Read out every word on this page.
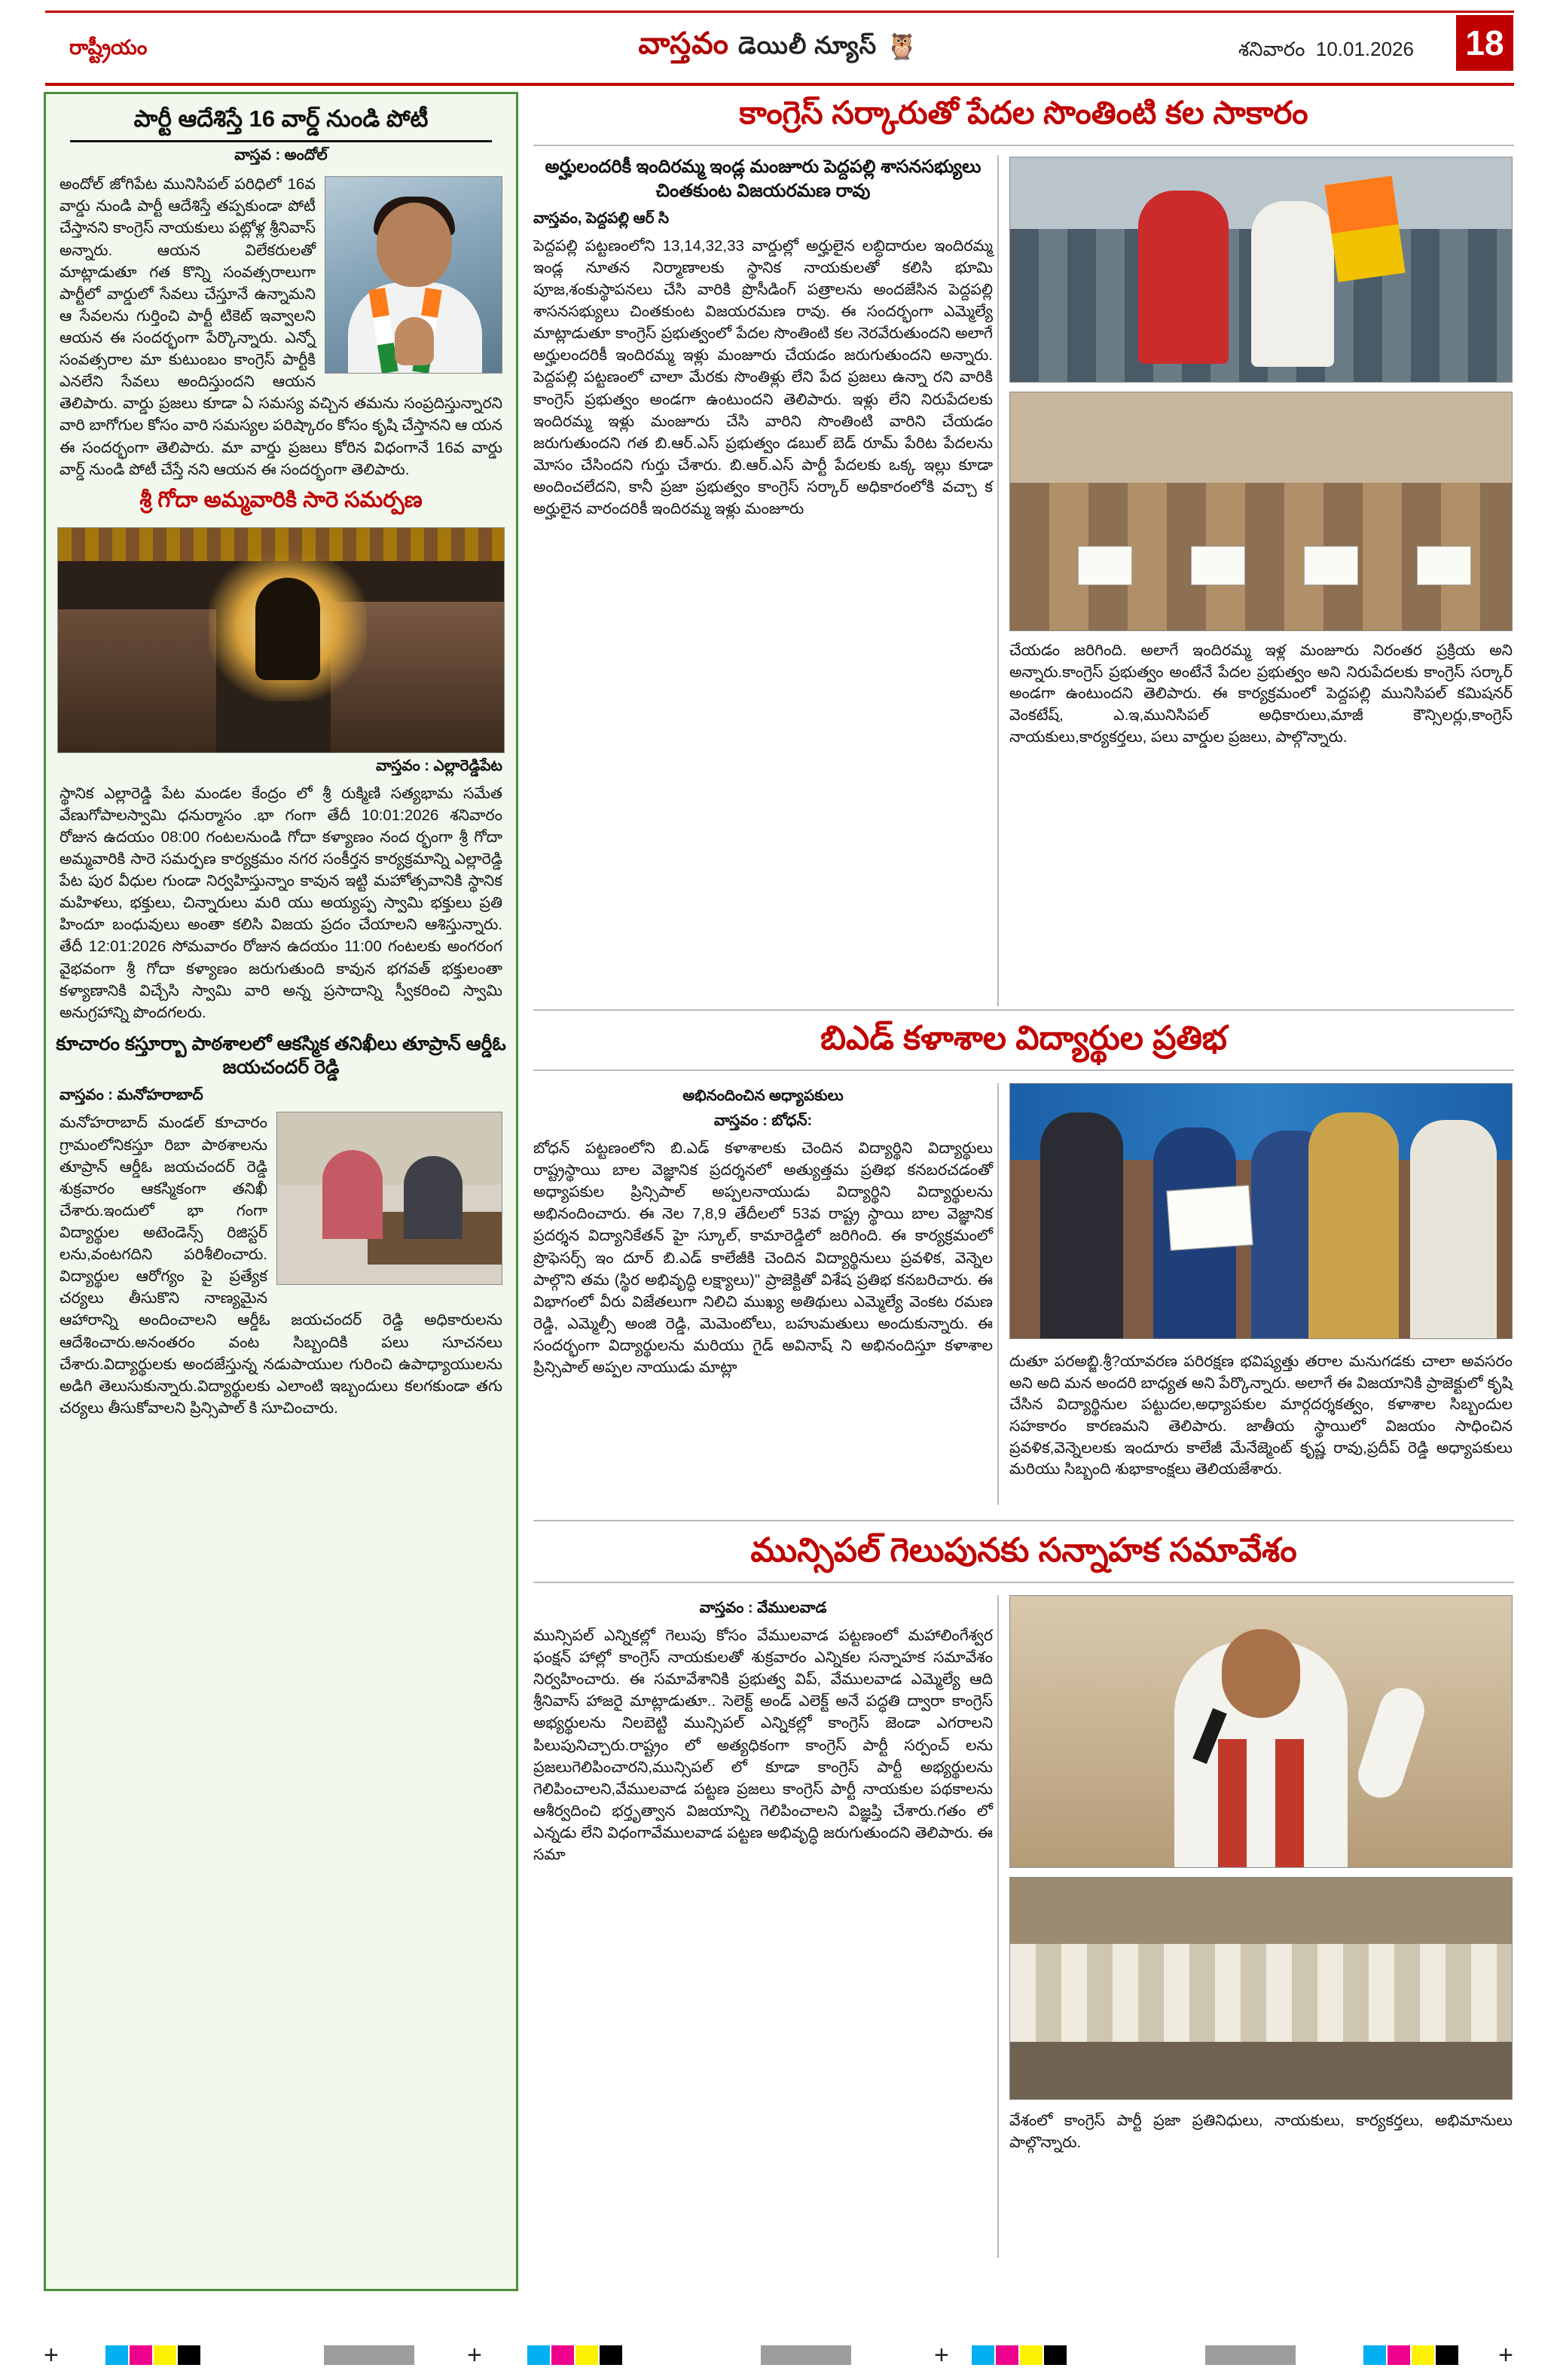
రాష్ట్రీయం	వాస్తవం డెయిలీ న్యూస్ 🦉	శనివారం 10.01.2026 18
పార్టీ ఆదేశిస్తే 16 వార్డ్ నుండి పోటీ
వాస్తవ : అందోల్
అందోల్ జోగిపేట మునిసిపల్ పరిధిలో 16వ వార్డు నుండి పార్టీ ఆదేశిస్తే తప్పకుండా పోటీ చేస్తానని కాంగ్రెస్ నాయకులు పట్లోళ్ల శ్రీనివాస్ అన్నారు. ఆయన విలేకరులతో మాట్లాడుతూ గత కొన్ని సంవత్సరాలుగా పార్టీలో వార్డులో సేవలు చేస్తూనే ఉన్నామని ఆ సేవలను గుర్తించి పార్టీ టికెట్ ఇవ్వాలని ఆయన ఈ సందర్భంగా పేర్కొన్నారు. ఎన్నో సంవత్సరాల మా కుటుంబం కాంగ్రెస్ పార్టీకి ఎనలేని సేవలు అందిస్తుందని ఆయన తెలిపారు. వార్డు ప్రజలు కూడా ఏ సమస్య వచ్చిన తమను సంప్రదిస్తున్నారని వారి బాగోగుల కోసం వారి సమస్యల పరిష్కారం కోసం కృషి చేస్తానని ఆ యన ఈ సందర్భంగా తెలిపారు. మా వార్డు ప్రజలు కోరిన విధంగానే 16వ వార్డు వార్డ్ నుండి పోటీ చేస్తే నని ఆయన ఈ సందర్భంగా తెలిపారు.
శ్రీ గోదా అమ్మవారికి సారె సమర్పణ
వాస్తవం : ఎల్లారెడ్డిపేట
స్థానిక ఎల్లారెడ్డి పేట మండల కేంద్రం లో శ్రీ రుక్మిణి సత్యభామ సమేత వేణుగోపాలస్వామి ధనుర్మాసం .భా గంగా తేదీ 10:01:2026 శనివారం రోజున ఉదయం 08:00 గంటలనుండి గోదా కళ్యాణం నంద ర్భంగా శ్రీ గోదా అమ్మవారికి సారె సమర్పణ కార్యక్రమం నగర సంకీర్తన కార్యక్రమాన్ని ఎల్లారెడ్డి పేట పుర వీధుల గుండా నిర్వహిస్తున్నాం కావున ఇట్టి మహోత్సవానికి స్థానిక మహిళలు, భక్తులు, చిన్నారులు మరి యు అయ్యప్ప స్వామి భక్తులు ప్రతి హిందూ బంధువులు అంతా కలిసి విజయ ప్రదం చేయాలని ఆశిస్తున్నారు. తేదీ 12:01:2026 సోమవారం రోజున ఉదయం 11:00 గంటలకు అంగరంగ వైభవంగా శ్రీ గోదా కళ్యాణం జరుగుతుంది కావున భగవత్ భక్తులంతా కళ్యాణానికి విచ్చేసి స్వామి వారి అన్న ప్రసాదాన్ని స్వీకరించి స్వామి అనుగ్రహాన్ని పొందగలరు.
కూచారం కస్తూర్బా పాఠశాలలో ఆకస్మిక తనిఖీలు తూప్రాన్ ఆర్డీఓ జయచందర్ రెడ్డి
వాస్తవం : మనోహరాబాద్
మనోహరాబాద్ మండల్ కూచారం గ్రామంలోనికస్తూ రిబా పాఠశాలను తూప్రాన్ ఆర్డీఓ జయచందర్ రెడ్డి శుక్రవారం ఆకస్మికంగా తనిఖీ చేశారు.ఇందులో భా గంగా విద్యార్థుల అటెండెన్స్ రిజిస్టర్ లను,వంటగదిని పరిశీలించారు. విద్యార్థుల ఆరోగ్యం పై ప్రత్యేక చర్యలు తీసుకొని నాణ్యమైన ఆహారాన్ని అందించాలని ఆర్డీఓ జయచందర్ రెడ్డి అధికారులను ఆదేశించారు.అనంతరం వంట సిబ్బందికి పలు సూచనలు చేశారు.విద్యార్థులకు అందజేస్తున్న నడుపాయుల గురించి ఉపాధ్యాయులను అడిగి తెలుసుకున్నారు.విద్యార్థులకు ఎలాంటి ఇబ్బందులు కలగకుండా తగు చర్యలు తీసుకోవాలని ప్రిన్సిపాల్ కి సూచించారు.
కాంగ్రెస్ సర్కారుతో పేదల సొంతింటి కల సాకారం
అర్హులందరికీ ఇందిరమ్మ ఇండ్ల మంజూరు పెద్దపల్లి శాసనసభ్యులు చింతకుంట విజయరమణ రావు
వాస్తవం, పెద్దపల్లి ఆర్ సి
పెద్దపల్లి పట్టణంలోని 13,14,32,33 వార్డుల్లో అర్హులైన లబ్ధిదారుల ఇందిరమ్మ ఇండ్ల నూతన నిర్మాణాలకు స్థానిక నాయకులతో కలిసి భూమి పూజ,శంకుస్థాపనలు చేసి వారికి ప్రొసీడింగ్ పత్రాలను అందజేసిన పెద్దపల్లి శాసనసభ్యులు చింతకుంట విజయరమణ రావు. ఈ సందర్భంగా ఎమ్మెల్యే మాట్లాడుతూ కాంగ్రెస్ ప్రభుత్వంలో పేదల సొంతింటి కల నెరవేరుతుందని అలాగే అర్హులందరికీ ఇందిరమ్మ ఇళ్లు మంజూరు చేయడం జరుగుతుందని అన్నారు. పెద్దపల్లి పట్టణంలో చాలా మేరకు సొంతిళ్లు లేని పేద ప్రజలు ఉన్నా రని వారికి కాంగ్రెస్ ప్రభుత్వం అండగా ఉంటుందని తెలిపారు. ఇళ్లు లేని నిరుపేదలకు ఇందిరమ్మ ఇళ్లు మంజూరు చేసి వారిని సొంతింటి వారిని చేయడం జరుగుతుందని గత బి.ఆర్.ఎస్ ప్రభుత్వం డబుల్ బెడ్ రూమ్ పేరిట పేదలను మోసం చేసిందని గుర్తు చేశారు. బి.ఆర్.ఎస్ పార్టీ పేదలకు ఒక్క ఇల్లు కూడా అందించలేదని, కానీ ప్రజా ప్రభుత్వం కాంగ్రెస్ సర్కార్ అధికారంలోకి వచ్చా క అర్హులైన వారందరికీ ఇందిరమ్మ ఇళ్లు మంజూరు
చేయడం జరిగింది. అలాగే ఇందిరమ్మ ఇళ్ల మంజూరు నిరంతర ప్రక్రియ అని అన్నారు.కాంగ్రెస్ ప్రభుత్వం అంటేనే పేదల ప్రభుత్వం అని నిరుపేదలకు కాంగ్రెస్ సర్కార్ అండగా ఉంటుందని తెలిపారు. ఈ కార్యక్రమంలో పెద్దపల్లి మునిసిపల్ కమిషనర్ వెంకటేష్, ఎ.ఇ,మునిసిపల్ అధికారులు,మాజీ కౌన్సిలర్లు,కాంగ్రెస్ నాయకులు,కార్యకర్తలు, పలు వార్డుల ప్రజలు, పాల్గొన్నారు.
బిఎడ్ కళాశాల విద్యార్థుల ప్రతిభ
అభినందించిన అధ్యాపకులు
వాస్తవం : బోధన్:
బోధన్ పట్టణంలోని బి.ఎడ్ కళాశాలకు చెందిన విద్యార్థిని విద్యార్థులు రాష్ట్రస్థాయి బాల వెజ్ఞానిక ప్రదర్శనలో అత్యుత్తమ ప్రతిభ కనబరచడంతో అధ్యాపకుల ప్రిన్సిపాల్ అప్పలనాయుడు విద్యార్థిని విద్యార్థులను అభినందించారు. ఈ నెల 7,8,9 తేదీలలో 53వ రాష్ట్ర స్థాయి బాల వెజ్ఞానిక ప్రదర్శన విద్యానికేతన్ హై స్కూల్, కామారెడ్డిలో జరిగింది. ఈ కార్యక్రమంలో ప్రొఫెసర్స్ ఇం దూర్ బి.ఎడ్ కాలేజీకి చెందిన విద్యార్థినులు ప్రవళిక, వెన్నెల పాల్గొని తమ (స్థిర అభివృద్ధి లక్ష్యాలు)" ప్రాజెక్టితో విశేష ప్రతిభ కనబరిచారు. ఈ విభాగంలో వీరు విజేతలుగా నిలిచి ముఖ్య అతిథులు ఎమ్మెల్యే వెంకట రమణ రెడ్డి, ఎమ్మెల్సీ అంజి రెడ్డి, మెమెంటోలు, బహుమతులు అందుకున్నారు. ఈ సందర్భంగా విద్యార్థులను మరియు గైడ్ అవినాష్ ని అభినందిస్తూ కళాశాల ప్రిన్సిపాల్ అప్పల నాయుడు మాట్లా	దుతూ పరఅబ్జి.శ్రీ?యావరణ పరిరక్షణ భవిష్యత్తు తరాల మనుగడకు చాలా అవసరం అని అది మన అందరి బాధ్యత అని పేర్కొన్నారు. అలాగే ఈ విజయానికి ప్రాజెక్టులో కృషి చేసిన విద్యార్థినుల పట్టుదల,అధ్యాపకుల మార్గదర్శకత్వం, కళాశాల సిబ్బందుల సహకారం కారణమని తెలిపారు. జాతీయ స్థాయిలో విజయం సాధించిన ప్రవళిక,వెన్నెలలకు ఇందూరు కాలేజీ మేనేజ్మెంట్ కృష్ణ రావు,ప్రదీప్ రెడ్డి అధ్యాపకులు మరియు సిబ్బంది శుభాకాంక్షలు తెలియజేశారు.
మున్సిపల్ గెలుపునకు సన్నాహక సమావేశం
వాస్తవం : వేములవాడ
మున్సిపల్ ఎన్నికల్లో గెలుపు కోసం వేములవాడ పట్టణంలో మహాలింగేశ్వర ఫంక్షన్ హాల్లో కాంగ్రెస్ నాయకులతో శుక్రవారం ఎన్నికల సన్నాహక సమావేశం నిర్వహించారు. ఈ సమావేశానికి ప్రభుత్వ విప్, వేములవాడ ఎమ్మెల్యే ఆది శ్రీనివాస్ హాజరై మాట్లాడుతూ.. సెలెక్ట్ అండ్ ఎలెక్ట్ అనే పద్ధతి ద్వారా కాంగ్రెస్ అభ్యర్థులను నిలబెట్టి మున్సిపల్ ఎన్నికల్లో కాంగ్రెస్ జెండా ఎగరాలని పిలుపునిచ్చారు.రాష్ట్రం లో అత్యధికంగా కాంగ్రెస్ పార్టీ సర్పంచ్ లను ప్రజలుగెలిపించారని,మున్సిపల్ లో కూడా కాంగ్రెస్ పార్టీ అభ్యర్థులను గెలిపించాలని,వేములవాడ పట్టణ ప్రజలు కాంగ్రెస్ పార్టీ నాయకుల పథకాలను ఆశీర్వదించి భర్తృత్వాన విజయాన్ని గెలిపించాలని విజ్ఞప్తి చేశారు.గతం లో ఎన్నడు లేని విధంగావేములవాడ పట్టణ అభివృద్ధి జరుగుతుందని తెలిపారు. ఈ సమా
వేశంలో కాంగ్రెస్ పార్టీ ప్రజా ప్రతినిధులు, నాయకులు, కార్యకర్తలు, అభిమానులు పాల్గొన్నారు.
+	+	+	+
